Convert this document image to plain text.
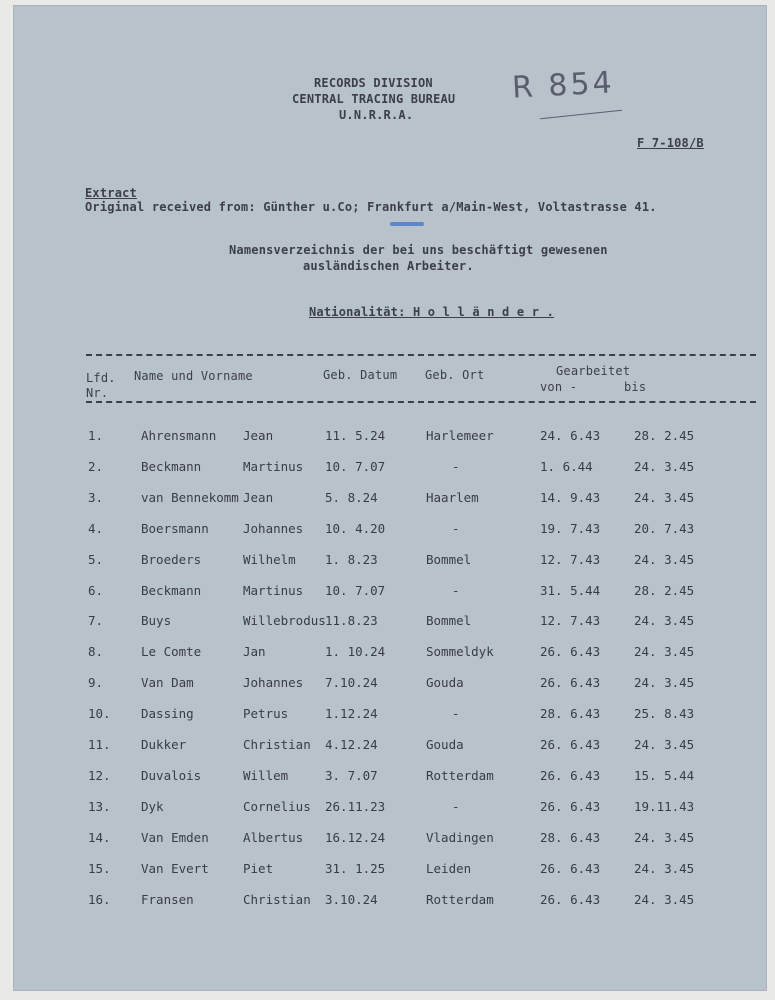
RECORDS DIVISION
CENTRAL TRACING BUREAU
U.N.R.R.A.
R 854
F 7-108/B
Extract
Original received from: Günther u.Co; Frankfurt a/Main-West, Voltastrasse 41.
Namensverzeichnis der bei uns beschäftigt gewesenen
ausländischen Arbeiter.
Nationalität: H o l l ä n d e r .
Lfd.
Nr.
Name und Vorname	Geb. Datum Geb. Ort	Gearbeitet
von -	bis
1.	Ahrensmann Jean	11. 5.24	Harlemeer	24. 6.43	28. 2.45
2.	Beckmann	Martinus 10. 7.07	-	1. 6.44	24. 3.45
3.	van Bennekomm Jean	5. 8.24	Haarlem	14. 9.43	24. 3.45
4.	Boersmann	Johannes 10. 4.20	-	19. 7.43	20. 7.43
5.	Broeders	Wilhelm 1. 8.23	Bommel	12. 7.43	24. 3.45
6.	Beckmann	Martinus 10. 7.07	-	31. 5.44	28. 2.45
7.	Buys	Willebrodus 11.8.23	Bommel	12. 7.43	24. 3.45
8.	Le Comte	Jan	1. 10.24	Sommeldyk	26. 6.43	24. 3.45
9.	Van Dam	Johannes 7.10.24	Gouda	26. 6.43	24. 3.45
10. Dassing	Petrus	1.12.24	-	28. 6.43	25. 8.43
11. Dukker	Christian 4.12.24	Gouda	26. 6.43	24. 3.45
12. Duvalois	Willem	3. 7.07	Rotterdam	26. 6.43	15. 5.44
13. Dyk	Cornelius 26.11.23	-	26. 6.43	19.11.43
14. Van Emden	Albertus 16.12.24	Vladingen	28. 6.43	24. 3.45
15. Van Evert	Piet	31. 1.25	Leiden	26. 6.43	24. 3.45
16. Fransen	Christian 3.10.24	Rotterdam	26. 6.43	24. 3.45
